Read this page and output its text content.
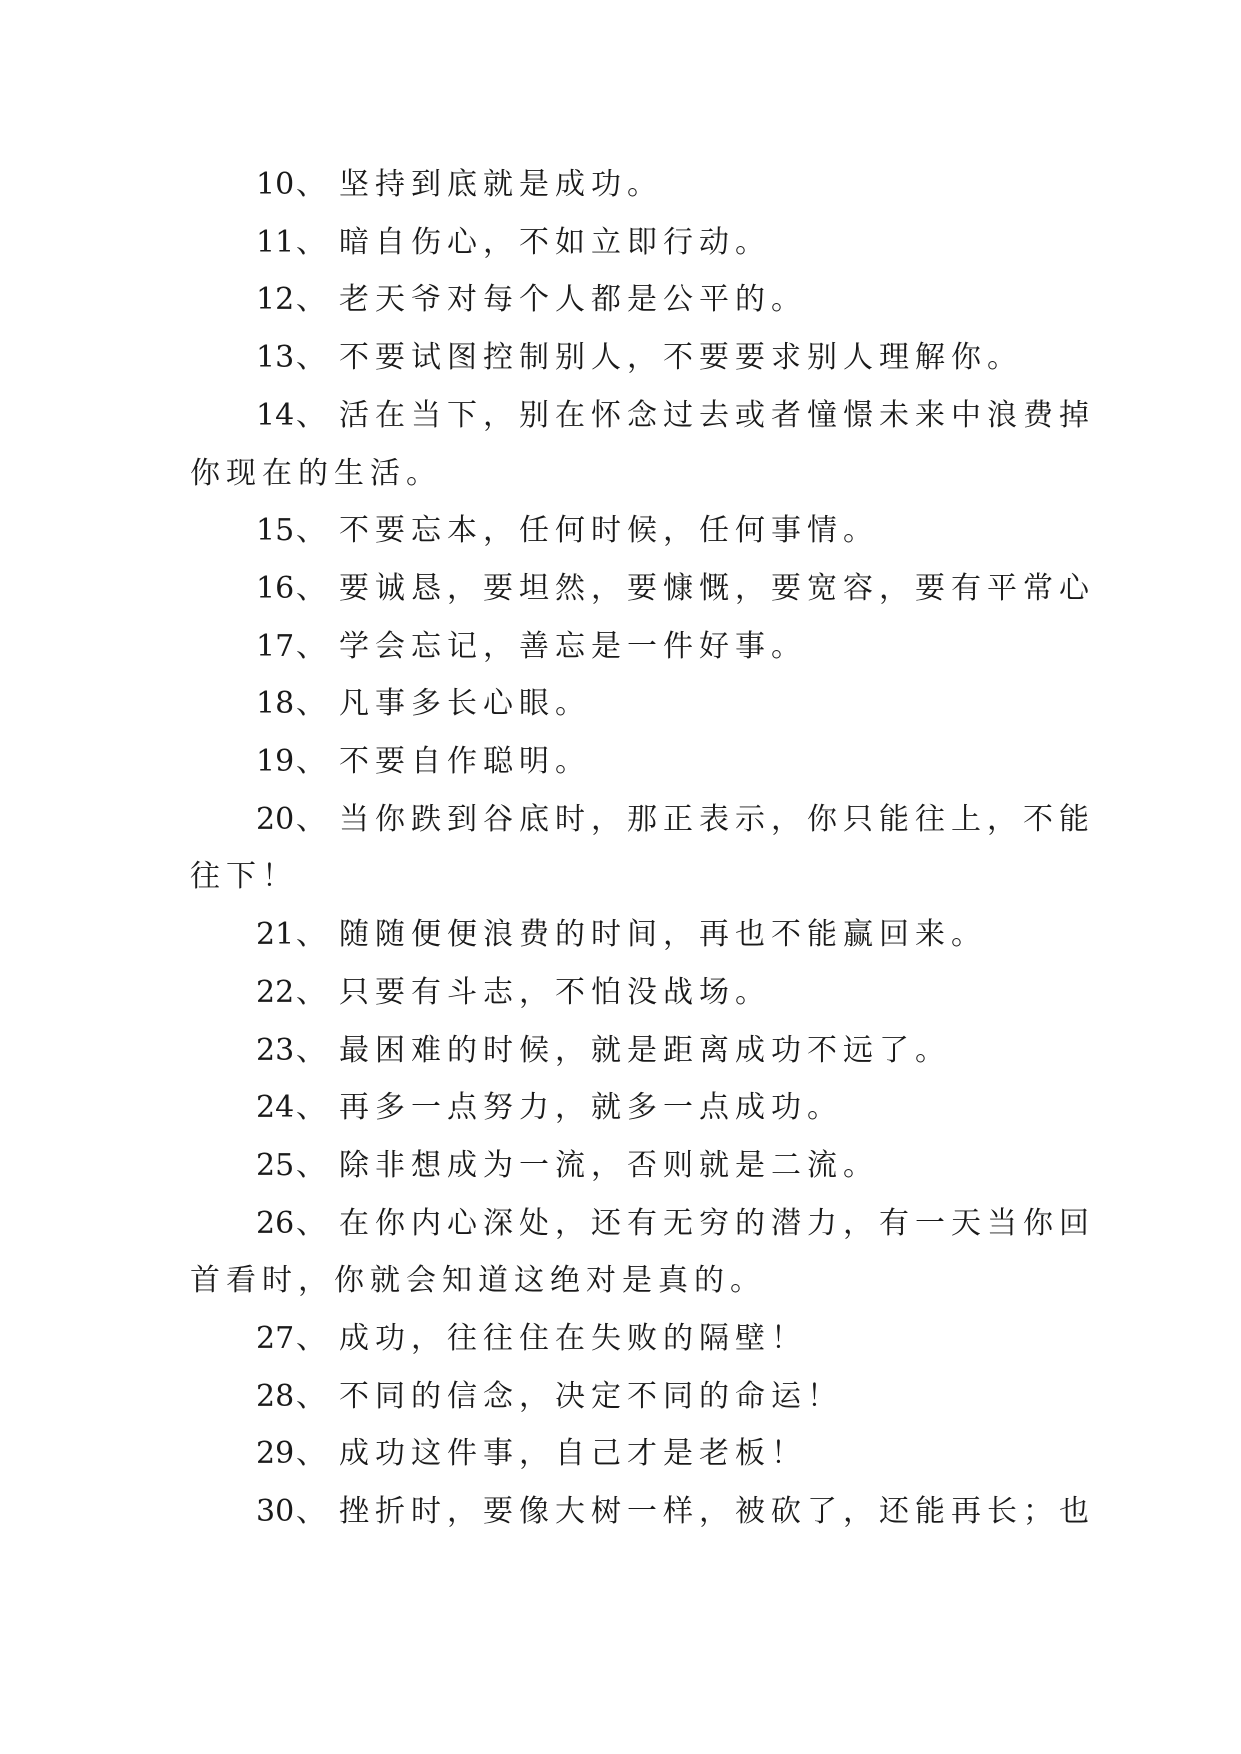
10 、 坚持到底就是成功。
11 、 暗自伤心，不如立即行动。
12 、 老天爷对每个人都是公平的。
13 、 不要试图控制别人，不要要求别人理解你。
14 、 活在当下，别在怀念过去或者憧憬未来中浪费掉
你现在的生活。
15 、 不要忘本，任何时候，任何事情。
16 、 要诚恳，要坦然，要慷慨，要宽容，要有平常心
17 、 学会忘记，善忘是一件好事。
18 、 凡事多长心眼。
19 、 不要自作聪明。
20 、 当你跌到谷底时，那正表示，你只能往上，不能
往下！
21 、 随随便便浪费的时间，再也不能赢回来。
22 、 只要有斗志，不怕没战场。
23 、 最困难的时候，就是距离成功不远了。
24 、 再多一点努力，就多一点成功。
25 、 除非想成为一流，否则就是二流。
26 、 在你内心深处，还有无穷的潜力，有一天当你回
首看时，你就会知道这绝对是真的。
27 、 成功，往往住在失败的隔壁！
28 、 不同的信念，决定不同的命运！
29 、 成功这件事，自己才是老板！
30 、 挫折时，要像大树一样，被砍了，还能再长；也
